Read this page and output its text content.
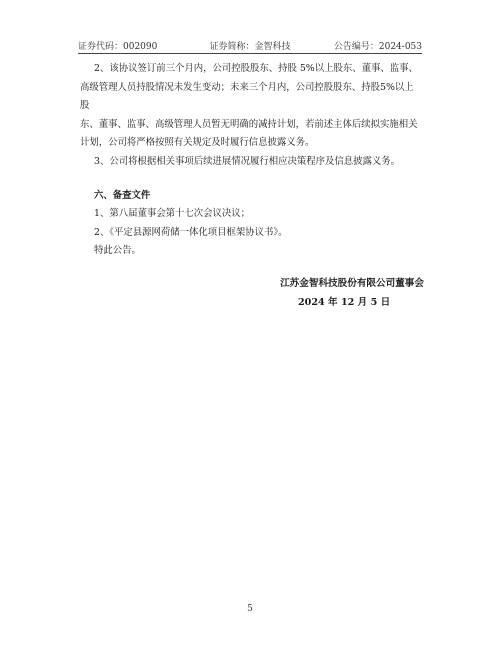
证券代码：002090	证券简称：金智科技	公告编号：2024-053

2、该协议签订前三个月内，公司控股股东、持股 5%以上股东、董事、监事、

高级管理人员持股情况未发生变动；未来三个月内，公司控股股东、持股5%以上股

东、董事、监事、高级管理人员暂无明确的减持计划，若前述主体后续拟实施相关

计划，公司将严格按照有关规定及时履行信息披露义务。

3、公司将根据相关事项后续进展情况履行相应决策程序及信息披露义务。

六、备查文件

1、第八届董事会第十七次会议决议；

2、《平定县源网荷储一体化项目框架协议书》。

特此公告。

江苏金智科技股份有限公司董事会
2024 年 12 月 5 日
5
